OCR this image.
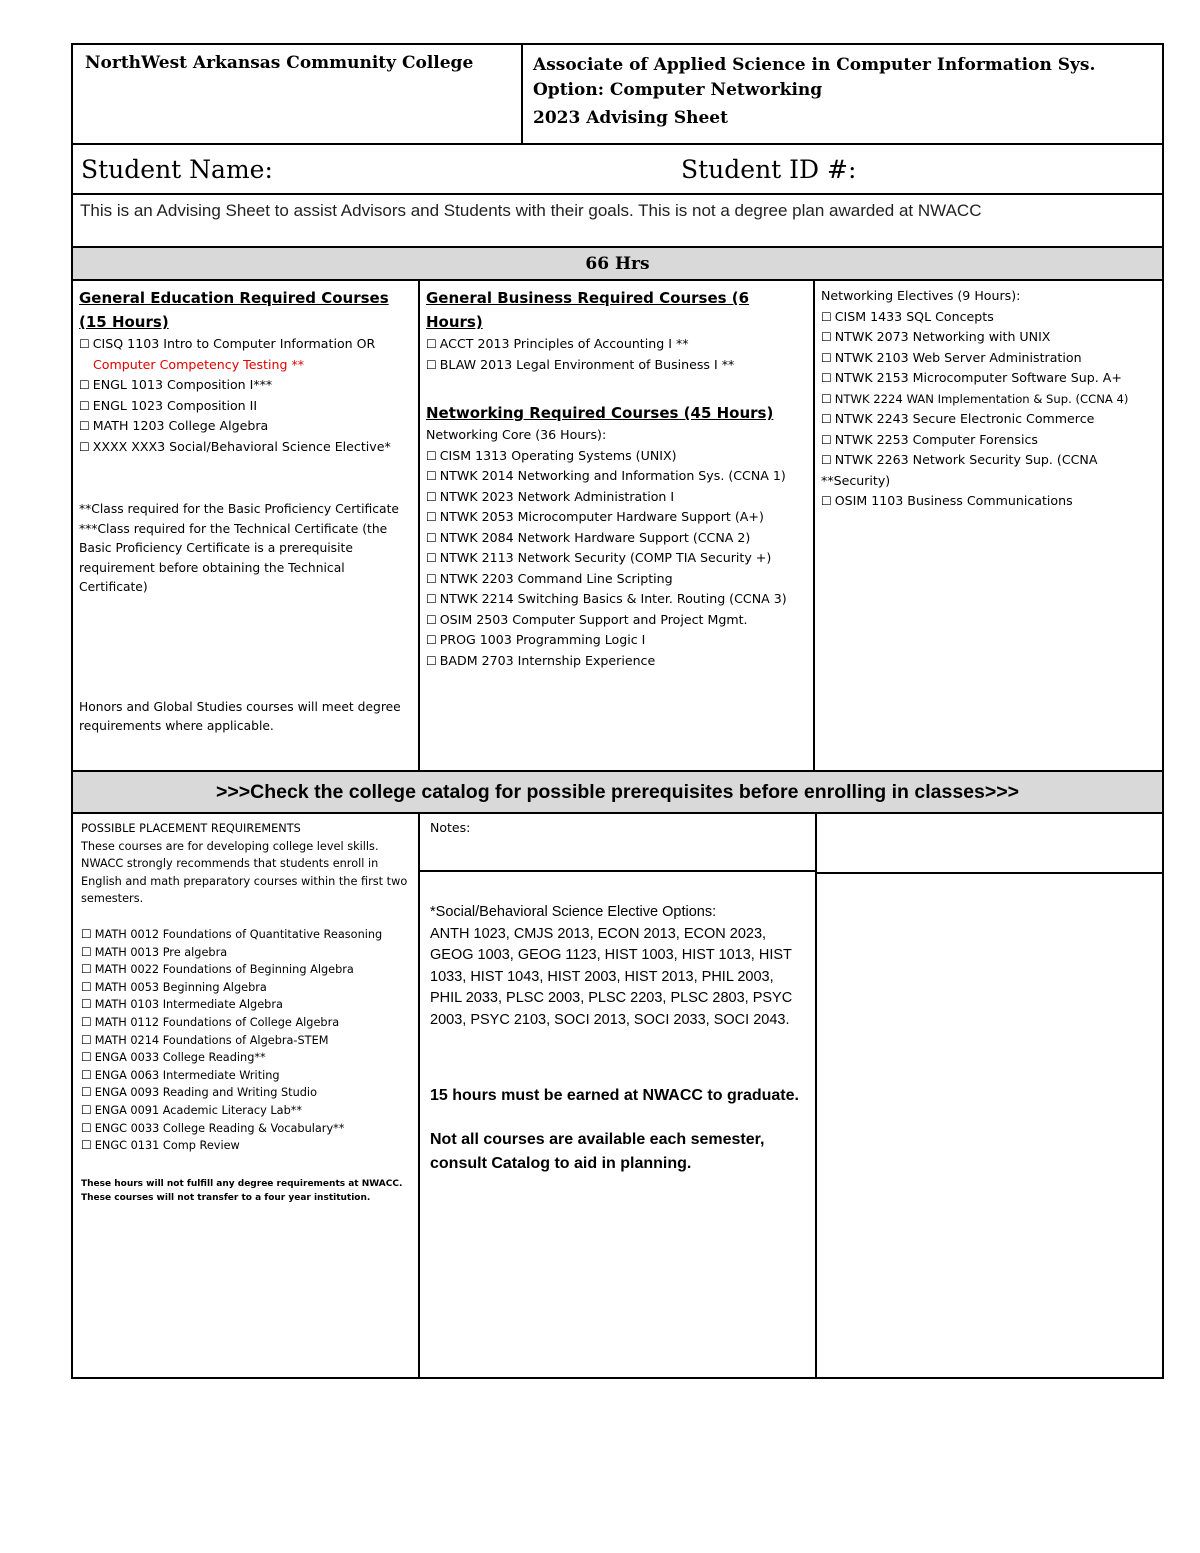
NorthWest Arkansas Community College	Associate of Applied Science in Computer Information Sys.
Option: Computer Networking
2023 Advising Sheet
Student Name:	Student ID #:
This is an Advising Sheet to assist Advisors and Students with their goals. This is not a degree plan awarded at NWACC
66 Hrs
General Education Required Courses (15 Hours)
☐ CISQ 1103 Intro to Computer Information OR
Computer Competency Testing **
☐ ENGL 1013 Composition I***
☐ ENGL 1023 Composition II
☐ MATH 1203 College Algebra
☐ XXXX XXX3 Social/Behavioral Science Elective*
**Class required for the Basic Proficiency Certificate
***Class required for the Technical Certificate (the Basic Proficiency Certificate is a prerequisite requirement before obtaining the Technical Certificate)
Honors and Global Studies courses will meet degree requirements where applicable.
General Business Required Courses (6 Hours)
☐ ACCT 2013 Principles of Accounting I **
☐ BLAW 2013 Legal Environment of Business I **
Networking Required Courses (45 Hours)
Networking Core (36 Hours):
☐ CISM 1313 Operating Systems (UNIX)
☐ NTWK 2014 Networking and Information Sys. (CCNA 1)
☐ NTWK 2023 Network Administration I
☐ NTWK 2053 Microcomputer Hardware Support (A+)
☐ NTWK 2084 Network Hardware Support (CCNA 2)
☐ NTWK 2113 Network Security (COMP TIA Security +)
☐ NTWK 2203 Command Line Scripting
☐ NTWK 2214 Switching Basics & Inter. Routing (CCNA 3)
☐ OSIM 2503 Computer Support and Project Mgmt.
☐ PROG 1003 Programming Logic I
☐ BADM 2703 Internship Experience
Networking Electives (9 Hours):
☐ CISM 1433 SQL Concepts
☐ NTWK 2073 Networking with UNIX
☐ NTWK 2103 Web Server Administration
☐ NTWK 2153 Microcomputer Software Sup. A+
☐ NTWK 2224 WAN Implementation & Sup. (CCNA 4)
☐ NTWK 2243 Secure Electronic Commerce
☐ NTWK 2253 Computer Forensics
☐ NTWK 2263 Network Security Sup. (CCNA **Security)
☐ OSIM 1103 Business Communications
>>>Check the college catalog for possible prerequisites before enrolling in classes>>>
POSSIBLE PLACEMENT REQUIREMENTS
These courses are for developing college level skills. NWACC strongly recommends that students enroll in English and math preparatory courses within the first two semesters.
☐ MATH 0012 Foundations of Quantitative Reasoning
☐ MATH 0013 Pre algebra
☐ MATH 0022 Foundations of Beginning Algebra
☐ MATH 0053 Beginning Algebra
☐ MATH 0103 Intermediate Algebra
☐ MATH 0112 Foundations of College Algebra
☐ MATH 0214 Foundations of Algebra-STEM
☐ ENGA 0033 College Reading**
☐ ENGA 0063 Intermediate Writing
☐ ENGA 0093 Reading and Writing Studio
☐ ENGA 0091 Academic Literacy Lab**
☐ ENGC 0033 College Reading & Vocabulary**
☐ ENGC 0131 Comp Review
These hours will not fulfill any degree requirements at NWACC. These courses will not transfer to a four year institution.
Notes:
*Social/Behavioral Science Elective Options:
ANTH 1023, CMJS 2013, ECON 2013, ECON 2023, GEOG 1003, GEOG 1123, HIST 1003, HIST 1013, HIST 1033, HIST 1043, HIST 2003, HIST 2013, PHIL 2003, PHIL 2033, PLSC 2003, PLSC 2203, PLSC 2803, PSYC 2003, PSYC 2103, SOCI 2013, SOCI 2033, SOCI 2043.
15 hours must be earned at NWACC to graduate.
Not all courses are available each semester, consult Catalog to aid in planning.
